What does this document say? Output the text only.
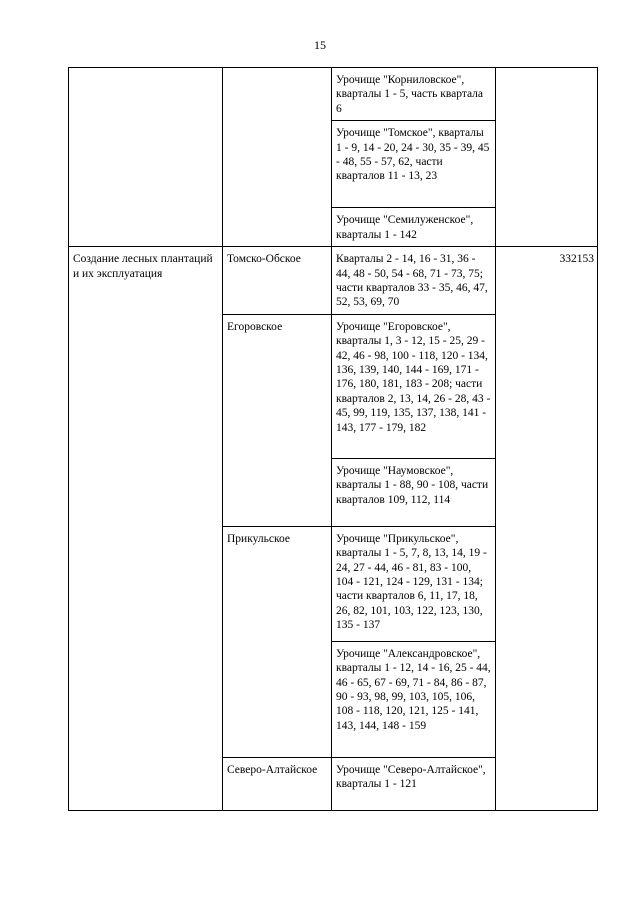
15
		Урочище "Корниловское", кварталы 1 - 5, часть квартала 6	
		Урочище "Томское", кварталы 1 - 9, 14 - 20, 24 - 30, 35 - 39, 45 - 48, 55 - 57, 62, части кварталов 11 - 13, 23	
		Урочище "Семилуженское", кварталы 1 - 142	
Создание лесных плантаций и их эксплуатация	Томско-Обское	Кварталы 2 - 14, 16 - 31, 36 - 44, 48 - 50, 54 - 68, 71 - 73, 75; части кварталов 33 - 35, 46, 47, 52, 53, 69, 70	332153
	Егоровское	Урочище "Егоровское", кварталы 1, 3 - 12, 15 - 25, 29 - 42, 46 - 98, 100 - 118, 120 - 134, 136, 139, 140, 144 - 169, 171 - 176, 180, 181, 183 - 208; части кварталов 2, 13, 14, 26 - 28, 43 - 45, 99, 119, 135, 137, 138, 141 - 143, 177 - 179, 182	
		Урочище "Наумовское", кварталы 1 - 88, 90 - 108, части кварталов 109, 112, 114	
	Прикульское	Урочище "Прикульское", кварталы 1 - 5, 7, 8, 13, 14, 19 - 24, 27 - 44, 46 - 81, 83 - 100, 104 - 121, 124 - 129, 131 - 134; части кварталов 6, 11, 17, 18, 26, 82, 101, 103, 122, 123, 130, 135 - 137	
		Урочище "Александровское", кварталы 1 - 12, 14 - 16, 25 - 44, 46 - 65, 67 - 69, 71 - 84, 86 - 87, 90 - 93, 98, 99, 103, 105, 106, 108 - 118, 120, 121, 125 - 141, 143, 144, 148 - 159	
	Северо-Алтайское	Урочище "Северо-Алтайское", кварталы 1 - 121	
